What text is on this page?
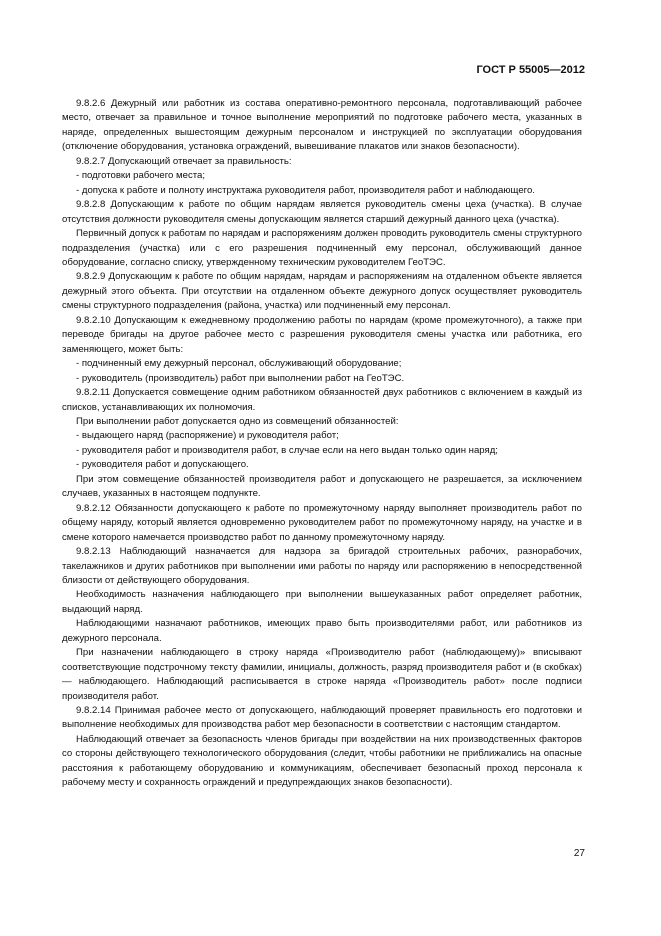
ГОСТ Р 55005—2012

9.8.2.6 Дежурный или работник из состава оперативно-ремонтного персонала, подготавливающий рабочее место, отвечает за правильное и точное выполнение мероприятий по подготовке рабочего места, указанных в наряде, определенных вышестоящим дежурным персоналом и инструкцией по эксплуатации оборудования (отключение оборудования, установка ограждений, вывешивание плакатов или знаков безопасности).

9.8.2.7 Допускающий отвечает за правильность:

- подготовки рабочего места;

- допуска к работе и полноту инструктажа руководителя работ, производителя работ и наблюдающего.

9.8.2.8 Допускающим к работе по общим нарядам является руководитель смены цеха (участка). В случае отсутствия должности руководителя смены допускающим является старший дежурный данного цеха (участка).

Первичный допуск к работам по нарядам и распоряжениям должен проводить руководитель смены структурного подразделения (участка) или с его разрешения подчиненный ему персонал, обслуживающий данное оборудование, согласно списку, утвержденному техническим руководителем ГеоТЭС.

9.8.2.9 Допускающим к работе по общим нарядам, нарядам и распоряжениям на отдаленном объекте является дежурный этого объекта. При отсутствии на отдаленном объекте дежурного допуск осуществляет руководитель смены структурного подразделения (района, участка) или подчиненный ему персонал.

9.8.2.10 Допускающим к ежедневному продолжению работы по нарядам (кроме промежуточного), а также при переводе бригады на другое рабочее место с разрешения руководителя смены участка или работника, его заменяющего, может быть:

- подчиненный ему дежурный персонал, обслуживающий оборудование;

- руководитель (производитель) работ при выполнении работ на ГеоТЭС.

9.8.2.11 Допускается совмещение одним работником обязанностей двух работников с включением в каждый из списков, устанавливающих их полномочия.

При выполнении работ допускается одно из совмещений обязанностей:

- выдающего наряд (распоряжение) и руководителя работ;

- руководителя работ и производителя работ, в случае если на него выдан только один наряд;

- руководителя работ и допускающего.

При этом совмещение обязанностей производителя работ и допускающего не разрешается, за исключением случаев, указанных в настоящем подпункте.

9.8.2.12 Обязанности допускающего к работе по промежуточному наряду выполняет производитель работ по общему наряду, который является одновременно руководителем работ по промежуточному наряду, на участке и в смене которого намечается производство работ по данному промежуточному наряду.

9.8.2.13 Наблюдающий назначается для надзора за бригадой строительных рабочих, разнорабочих, такелажников и других работников при выполнении ими работы по наряду или распоряжению в непосредственной близости от действующего оборудования.

Необходимость назначения наблюдающего при выполнении вышеуказанных работ определяет работник, выдающий наряд.

Наблюдающими назначают работников, имеющих право быть производителями работ, или работников из дежурного персонала.

При назначении наблюдающего в строку наряда «Производителю работ (наблюдающему)» вписывают соответствующие подстрочному тексту фамилии, инициалы, должность, разряд производителя работ и (в скобках) — наблюдающего. Наблюдающий расписывается в строке наряда «Производитель работ» после подписи производителя работ.

9.8.2.14 Принимая рабочее место от допускающего, наблюдающий проверяет правильность его подготовки и выполнение необходимых для производства работ мер безопасности в соответствии с настоящим стандартом.

Наблюдающий отвечает за безопасность членов бригады при воздействии на них производственных факторов со стороны действующего технологического оборудования (следит, чтобы работники не приближались на опасные расстояния к работающему оборудованию и коммуникациям, обеспечивает безопасный проход персонала к рабочему месту и сохранность ограждений и предупреждающих знаков безопасности).

27
